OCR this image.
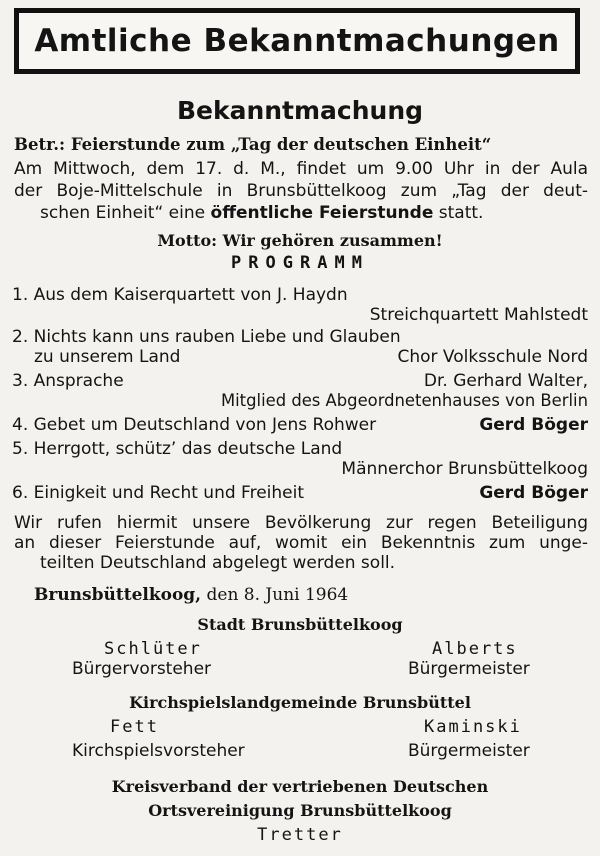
Amtliche Bekanntmachungen
Bekanntmachung
Betr.: Feierstunde zum „Tag der deutschen Einheit“
Am Mittwoch, dem 17. d. M., findet um 9.00 Uhr in der Aula
der Boje-Mittelschule in Brunsbüttelkoog zum „Tag der deut-
schen Einheit“ eine öffentliche Feierstunde statt.
Motto: Wir gehören zusammen!
PROGRAMM
1. Aus dem Kaiserquartett von J. Haydn
Streichquartett Mahlstedt
2. Nichts kann uns rauben Liebe und Glauben
zu unserem Land	Chor Volksschule Nord
3. Ansprache	Dr. Gerhard Walter,
Mitglied des Abgeordnetenhauses von Berlin
4. Gebet um Deutschland von Jens Rohwer	Gerd Böger
5. Herrgott, schütz’ das deutsche Land
Männerchor Brunsbüttelkoog
6. Einigkeit und Recht und Freiheit	Gerd Böger
Wir rufen hiermit unsere Bevölkerung zur regen Beteiligung
an dieser Feierstunde auf, womit ein Bekenntnis zum unge-
teilten Deutschland abgelegt werden soll.
Brunsbüttelkoog, den 8. Juni 1964
Stadt Brunsbüttelkoog
Schlüter	Alberts
Bürgervorsteher	Bürgermeister
Kirchspielslandgemeinde Brunsbüttel
Fett	Kaminski
Kirchspielsvorsteher	Bürgermeister
Kreisverband der vertriebenen Deutschen
Ortsvereinigung Brunsbüttelkoog
Tretter
